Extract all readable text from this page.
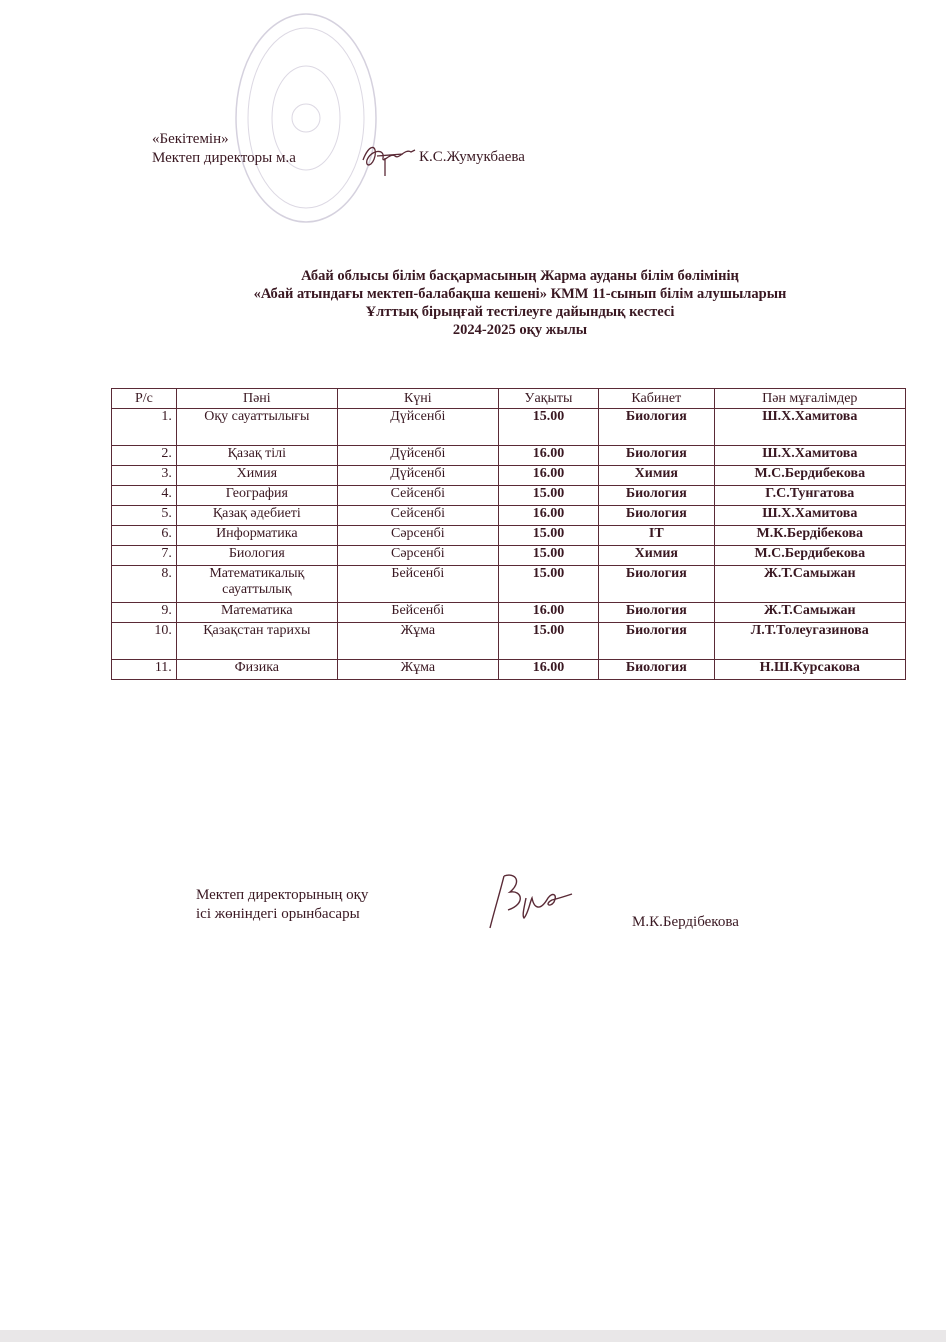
«Бекітемін»
Мектеп директоры м.а	К.С.Жумукбаева
Абай облысы білім басқармасының Жарма ауданы білім бөлімінің
«Абай атындағы мектеп-балабақша кешені» КММ 11-сынып білім алушыларын
Ұлттық бірыңғай тестілеуге дайындық кестесі
2024-2025 оқу жылы
Р/с	Пәні	Күні	Уақыты	Кабинет	Пән мұғалімдер
1.	Оқу сауаттылығы	Дүйсенбі	15.00	Биология	Ш.Х.Хамитова
2.	Қазақ тілі	Дүйсенбі	16.00	Биология	Ш.Х.Хамитова
3.	Химия	Дүйсенбі	16.00	Химия	М.С.Бердибекова
4.	География	Сейсенбі	15.00	Биология	Г.С.Тунгатова
5.	Қазақ әдебиеті	Сейсенбі	16.00	Биология	Ш.Х.Хамитова
6.	Информатика	Сәрсенбі	15.00	IT	М.К.Бердібекова
7.	Биология	Сәрсенбі	15.00	Химия	М.С.Бердибекова
8.	Математикалық сауаттылық	Бейсенбі	15.00	Биология	Ж.Т.Самыжан
9.	Математика	Бейсенбі	16.00	Биология	Ж.Т.Самыжан
10.	Қазақстан тарихы	Жұма	15.00	Биология	Л.Т.Толеугазинова
11.	Физика	Жұма	16.00	Биология	Н.Ш.Курсакова
Мектеп директорының оқу
ісі жөніндегі орынбасары	М.К.Бердібекова
